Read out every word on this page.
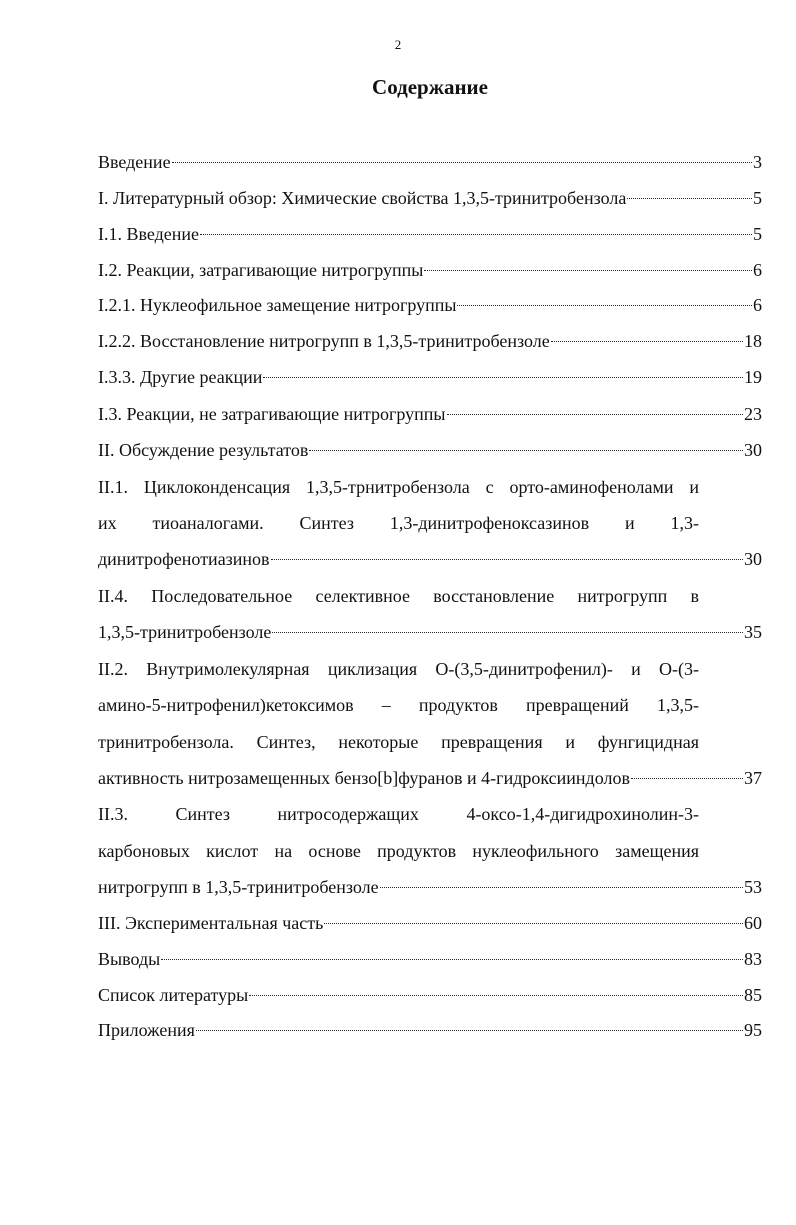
2
Содержание
Введение	3
I. Литературный обзор: Химические свойства 1,3,5-тринитробензола	5
I.1. Введение	5
I.2. Реакции, затрагивающие нитрогруппы	6
I.2.1. Нуклеофильное замещение нитрогруппы	6
I.2.2. Восстановление нитрогрупп в 1,3,5-тринитробензоле	18
I.3.3. Другие реакции	19
I.3. Реакции, не затрагивающие нитрогруппы	23
II. Обсуждение результатов	30
II.1. Циклоконденсация 1,3,5-трнитробензола с орто-аминофенолами и
их тиоаналогами. Синтез 1,3-динитрофеноксазинов и 1,3-
динитрофенотиазинов	30
II.4. Последовательное селективное восстановление нитрогрупп в
1,3,5-тринитробензоле	35
II.2. Внутримолекулярная циклизация О-(3,5-динитрофенил)- и О-(3-
амино-5-нитрофенил)кетоксимов – продуктов превращений 1,3,5-
тринитробензола. Синтез, некоторые превращения и фунгицидная
активность нитрозамещенных бензо[b]фуранов и 4-гидроксииндолов	37
II.3. Синтез нитросодержащих 4-оксо-1,4-дигидрохинолин-3-
карбоновых кислот на основе продуктов нуклеофильного замещения
нитрогрупп в 1,3,5-тринитробензоле	53
III. Экспериментальная часть	60
Выводы	83
Список литературы	85
Приложения	95
